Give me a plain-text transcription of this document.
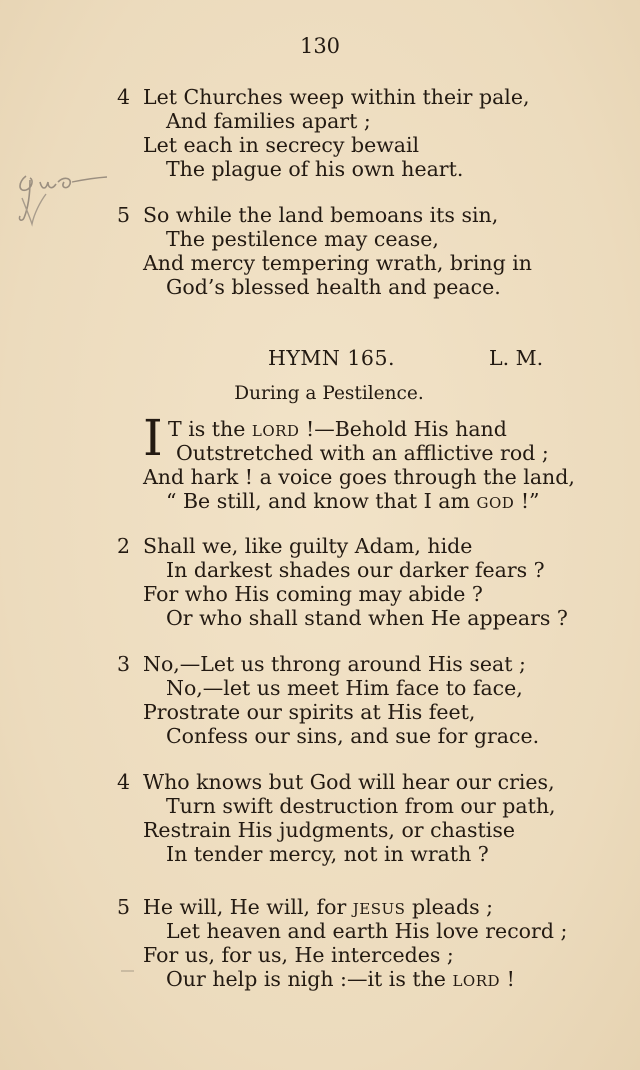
130
4 Let Churches weep within their pale,
And families apart ;
Let each in secrecy bewail
The plague of his own heart.
5 So while the land bemoans its sin,
The pestilence may cease,
And mercy tempering wrath, bring in
God’s blessed health and peace.
HYMN 165.	L. M.
During a Pestilence.
I T is the LORD !—Behold His hand
Outstretched with an afflictive rod ;
And hark ! a voice goes through the land,
“ Be still, and know that I am GOD !”
2 Shall we, like guilty Adam, hide
In darkest shades our darker fears ?
For who His coming may abide ?
Or who shall stand when He appears ?
3 No,—Let us throng around His seat ;
No,—let us meet Him face to face,
Prostrate our spirits at His feet,
Confess our sins, and sue for grace.
4 Who knows but God will hear our cries,
Turn swift destruction from our path,
Restrain His judgments, or chastise
In tender mercy, not in wrath ?
5 He will, He will, for JESUS pleads ;
Let heaven and earth His love record ;
For us, for us, He intercedes ;
Our help is nigh :—it is the LORD !
